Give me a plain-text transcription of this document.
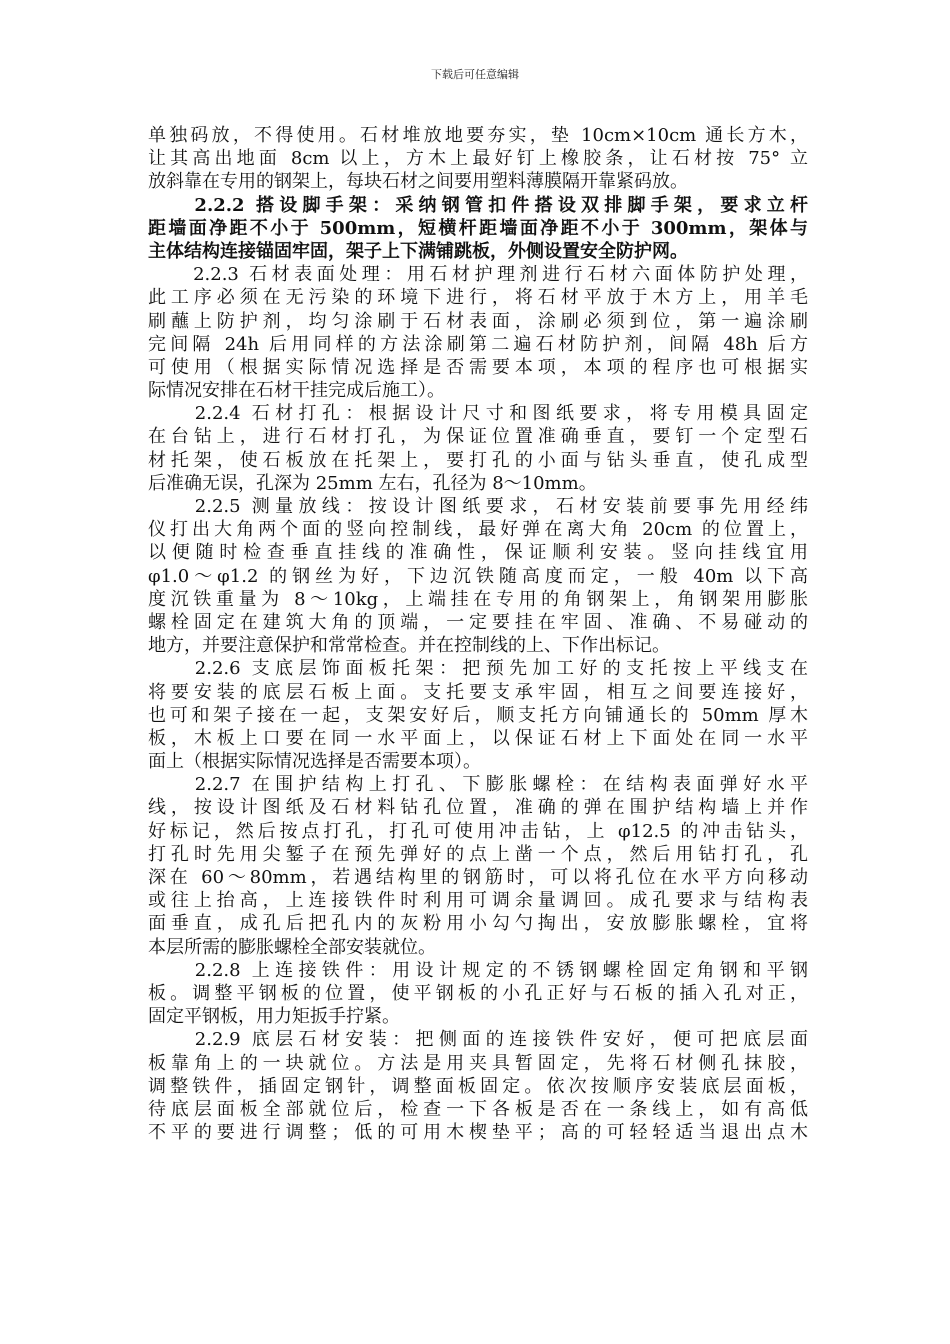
下载后可任意编辑
单独码放，不得使用。石材堆放地要夯实，垫 10cm×10cm 通长方木，
让其高出地面 8cm 以上，方木上最好钉上橡胶条，让石材按 75° 立
放斜靠在专用的钢架上，每块石材之间要用塑料薄膜隔开靠紧码放。
　　2.2.2 搭设脚手架：采纳钢管扣件搭设双排脚手架，要求立杆
距墙面净距不小于 500mm，短横杆距墙面净距不小于 300mm，架体与
主体结构连接锚固牢固，架子上下满铺跳板，外侧设置安全防护网。
　　2.2.3 石材表面处理：用石材护理剂进行石材六面体防护处理，
此工序必须在无污染的环境下进行，将石材平放于木方上，用羊毛
刷蘸上防护剂，均匀涂刷于石材表面，涂刷必须到位，第一遍涂刷
完间隔 24h 后用同样的方法涂刷第二遍石材防护剂，间隔 48h 后方
可使用（根据实际情况选择是否需要本项，本项的程序也可根据实
际情况安排在石材干挂完成后施工）。
　　2.2.4 石材打孔：根据设计尺寸和图纸要求，将专用模具固定
在台钻上，进行石材打孔，为保证位置准确垂直，要钉一个定型石
材托架，使石板放在托架上，要打孔的小面与钻头垂直，使孔成型
后准确无误，孔深为 25mm 左右，孔径为 8～10mm。
　　2.2.5 测量放线：按设计图纸要求，石材安装前要事先用经纬
仪打出大角两个面的竖向控制线，最好弹在离大角 20cm 的位置上，
以便随时检查垂直挂线的准确性，保证顺利安装。竖向挂线宜用
φ1.0～φ1.2 的钢丝为好，下边沉铁随高度而定，一般 40m 以下高
度沉铁重量为 8～10kg，上端挂在专用的角钢架上，角钢架用膨胀
螺栓固定在建筑大角的顶端，一定要挂在牢固、准确、不易碰动的
地方，并要注意保护和常常检查。并在控制线的上、下作出标记。
　　2.2.6 支底层饰面板托架：把预先加工好的支托按上平线支在
将要安装的底层石板上面。支托要支承牢固，相互之间要连接好，
也可和架子接在一起，支架安好后，顺支托方向铺通长的 50mm 厚木
板，木板上口要在同一水平面上，以保证石材上下面处在同一水平
面上（根据实际情况选择是否需要本项）。
　　2.2.7 在围护结构上打孔、下膨胀螺栓：在结构表面弹好水平
线，按设计图纸及石材料钻孔位置，准确的弹在围护结构墙上并作
好标记，然后按点打孔，打孔可使用冲击钻，上 φ12.5 的冲击钻头，
打孔时先用尖錾子在预先弹好的点上凿一个点，然后用钻打孔，孔
深在 60～80mm，若遇结构里的钢筋时，可以将孔位在水平方向移动
或往上抬高，上连接铁件时利用可调余量调回。成孔要求与结构表
面垂直，成孔后把孔内的灰粉用小勾勺掏出，安放膨胀螺栓，宜将
本层所需的膨胀螺栓全部安装就位。
　　2.2.8 上连接铁件：用设计规定的不锈钢螺栓固定角钢和平钢
板。调整平钢板的位置，使平钢板的小孔正好与石板的插入孔对正，
固定平钢板，用力矩扳手拧紧。
　　2.2.9 底层石材安装：把侧面的连接铁件安好，便可把底层面
板靠角上的一块就位。方法是用夹具暂固定，先将石材侧孔抹胶，
调整铁件，插固定钢针，调整面板固定。依次按顺序安装底层面板，
待底层面板全部就位后，检查一下各板是否在一条线上，如有高低
不平的要进行调整；低的可用木楔垫平；高的可轻轻适当退出点木
